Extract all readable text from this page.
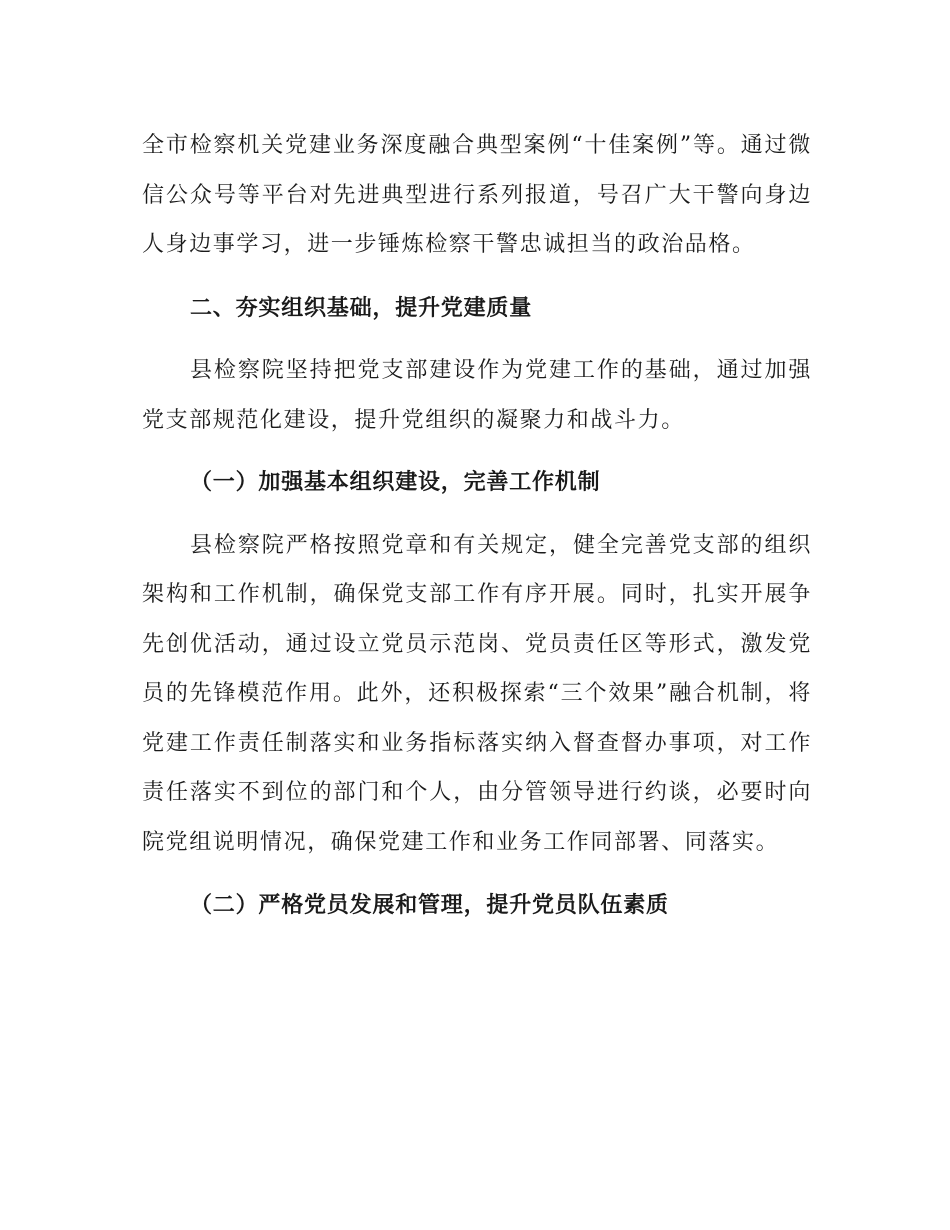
全市检察机关党建业务深度融合典型案例“十佳案例”等。通过微信公众号等平台对先进典型进行系列报道，号召广大干警向身边人身边事学习，进一步锤炼检察干警忠诚担当的政治品格。

二、夯实组织基础，提升党建质量

县检察院坚持把党支部建设作为党建工作的基础，通过加强党支部规范化建设，提升党组织的凝聚力和战斗力。

（一）加强基本组织建设，完善工作机制

县检察院严格按照党章和有关规定，健全完善党支部的组织架构和工作机制，确保党支部工作有序开展。同时，扎实开展争先创优活动，通过设立党员示范岗、党员责任区等形式，激发党员的先锋模范作用。此外，还积极探索“三个效果”融合机制，将党建工作责任制落实和业务指标落实纳入督查督办事项，对工作责任落实不到位的部门和个人，由分管领导进行约谈，必要时向院党组说明情况，确保党建工作和业务工作同部署、同落实。

（二）严格党员发展和管理，提升党员队伍素质
